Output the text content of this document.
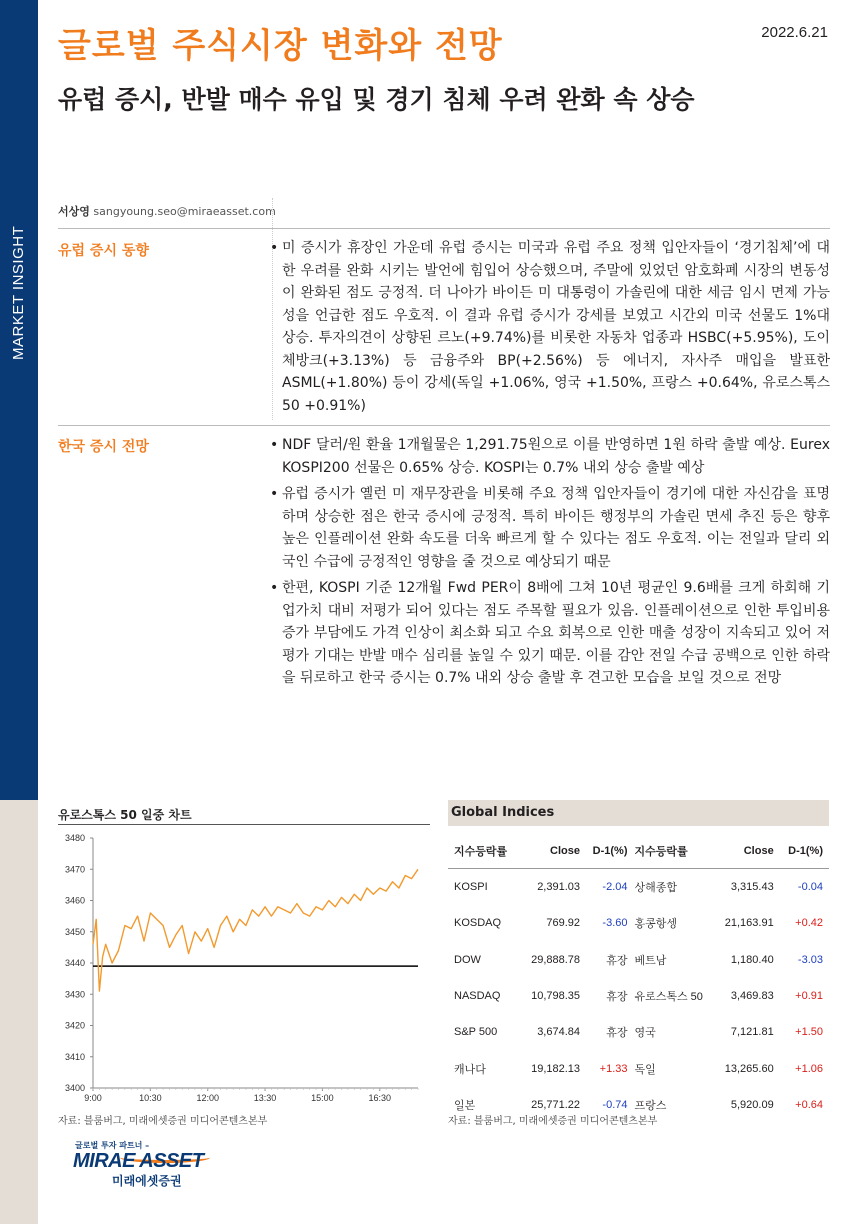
MARKET INSIGHT
글로벌 주식시장 변화와 전망	2022.6.21
유럽 증시, 반발 매수 유입 및 경기 침체 우려 완화 속 상승
서상영 sangyoung.seo@miraeasset.com
유럽 증시 동향	• 미 증시가 휴장인 가운데 유럽 증시는 미국과 유럽 주요 정책 입안자들이 ‘경기침체’에 대한 우려를 완화 시키는 발언에 힘입어 상승했으며, 주말에 있었던 암호화폐 시장의 변동성이 완화된 점도 긍정적. 더 나아가 바이든 미 대통령이 가솔린에 대한 세금 임시 면제 가능성을 언급한 점도 우호적. 이 결과 유럽 증시가 강세를 보였고 시간외 미국 선물도 1%대 상승. 투자의견이 상향된 르노(+9.74%)를 비롯한 자동차 업종과 HSBC(+5.95%), 도이체방크(+3.13%) 등 금융주와 BP(+2.56%) 등 에너지, 자사주 매입을 발표한 ASML(+1.80%) 등이 강세(독일 +1.06%, 영국 +1.50%, 프랑스 +0.64%, 유로스톡스 50 +0.91%)
한국 증시 전망	• NDF 달러/원 환율 1개월물은 1,291.75원으로 이를 반영하면 1원 하락 출발 예상. Eurex KOSPI200 선물은 0.65% 상승. KOSPI는 0.7% 내외 상승 출발 예상
• 유럽 증시가 옐런 미 재무장관을 비롯해 주요 정책 입안자들이 경기에 대한 자신감을 표명하며 상승한 점은 한국 증시에 긍정적. 특히 바이든 행정부의 가솔린 면세 추진 등은 향후 높은 인플레이션 완화 속도를 더욱 빠르게 할 수 있다는 점도 우호적. 이는 전일과 달리 외국인 수급에 긍정적인 영향을 줄 것으로 예상되기 때문
• 한편, KOSPI 기준 12개월 Fwd PER이 8배에 그쳐 10년 평균인 9.6배를 크게 하회해 기업가치 대비 저평가 되어 있다는 점도 주목할 필요가 있음. 인플레이션으로 인한 투입비용 증가 부담에도 가격 인상이 최소화 되고 수요 회복으로 인한 매출 성장이 지속되고 있어 저평가 기대는 반발 매수 심리를 높일 수 있기 때문. 이를 감안 전일 수급 공백으로 인한 하락을 뒤로하고 한국 증시는 0.7% 내외 상승 출발 후 견고한 모습을 보일 것으로 전망
유로스톡스 50 일중 차트
3400
3410
3420
3430
3440
3450
3460
3470
3480
9:00	10:30	12:00	13:30	15:00	16:30
자료: 블룸버그, 미래에셋증권 미디어콘텐츠본부
Global Indices
지수등락률	Close	D-1(%)	지수등락률	Close	D-1(%)
KOSPI	2,391.03	-2.04	상해종합	3,315.43	-0.04
KOSDAQ	769.92	-3.60	홍콩항셍	21,163.91	+0.42
DOW	29,888.78	휴장	베트남	1,180.40	-3.03
NASDAQ	10,798.35	휴장	유로스톡스 50	3,469.83	+0.91
S&P 500	3,674.84	휴장	영국	7,121.81	+1.50
캐나다	19,182.13	+1.33	독일	13,265.60	+1.06
일본	25,771.22	-0.74	프랑스	5,920.09	+0.64
자료: 블룸버그, 미래에셋증권 미디어콘텐츠본부
글로벌 투자 파트너 –
MIRAE ASSET
미래에셋증권
